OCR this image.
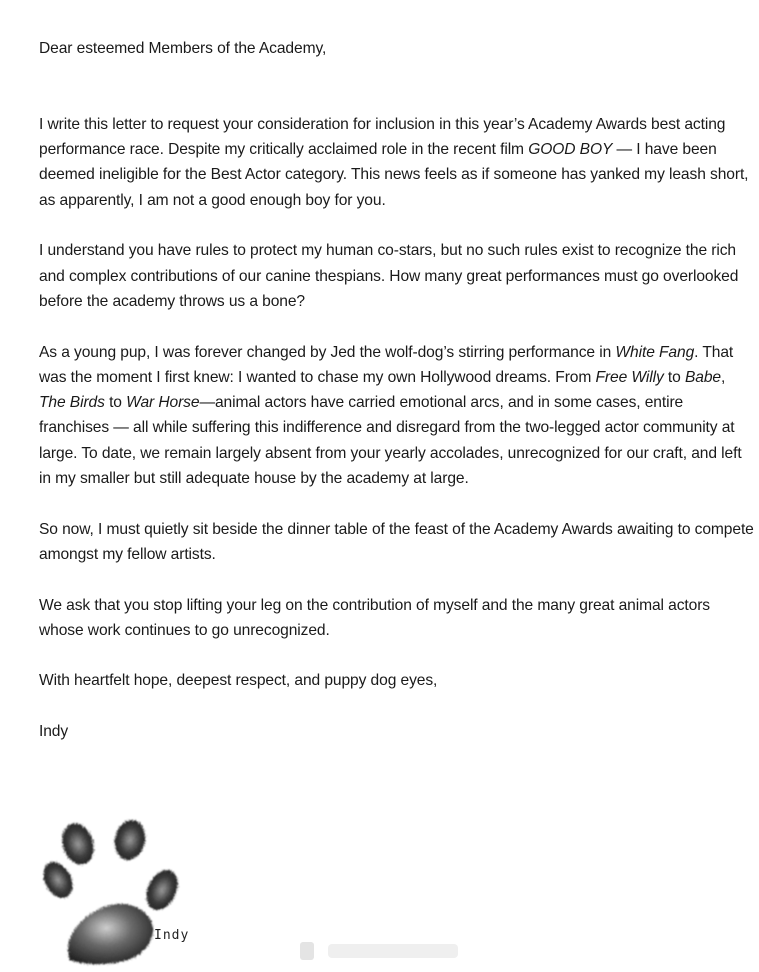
Dear esteemed Members of the Academy,

I write this letter to request your consideration for inclusion in this year’s Academy Awards best acting performance race. Despite my critically acclaimed role in the recent film GOOD BOY — I have been deemed ineligible for the Best Actor category. This news feels as if someone has yanked my leash short, as apparently, I am not a good enough boy for you.

I understand you have rules to protect my human co-stars, but no such rules exist to recognize the rich and complex contributions of our canine thespians. How many great performances must go overlooked before the academy throws us a bone?

As a young pup, I was forever changed by Jed the wolf-dog’s stirring performance in White Fang. That was the moment I first knew: I wanted to chase my own Hollywood dreams. From Free Willy to Babe, The Birds to War Horse—animal actors have carried emotional arcs, and in some cases, entire franchises — all while suffering this indifference and disregard from the two-legged actor community at large. To date, we remain largely absent from your yearly accolades, unrecognized for our craft, and left in my smaller but still adequate house by the academy at large.

So now, I must quietly sit beside the dinner table of the feast of the Academy Awards awaiting to compete amongst my fellow artists.

We ask that you stop lifting your leg on the contribution of myself and the many great animal actors whose work continues to go unrecognized.

With heartfelt hope, deepest respect, and puppy dog eyes,

Indy

Indy
